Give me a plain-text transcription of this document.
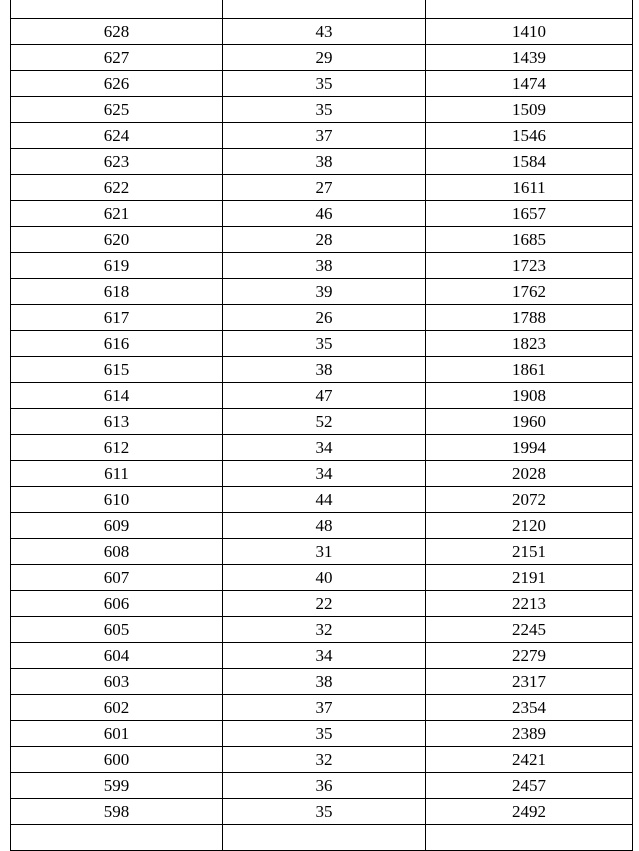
628	43	1410
627	29	1439
626	35	1474
625	35	1509
624	37	1546
623	38	1584
622	27	1611
621	46	1657
620	28	1685
619	38	1723
618	39	1762
617	26	1788
616	35	1823
615	38	1861
614	47	1908
613	52	1960
612	34	1994
611	34	2028
610	44	2072
609	48	2120
608	31	2151
607	40	2191
606	22	2213
605	32	2245
604	34	2279
603	38	2317
602	37	2354
601	35	2389
600	32	2421
599	36	2457
598	35	2492
